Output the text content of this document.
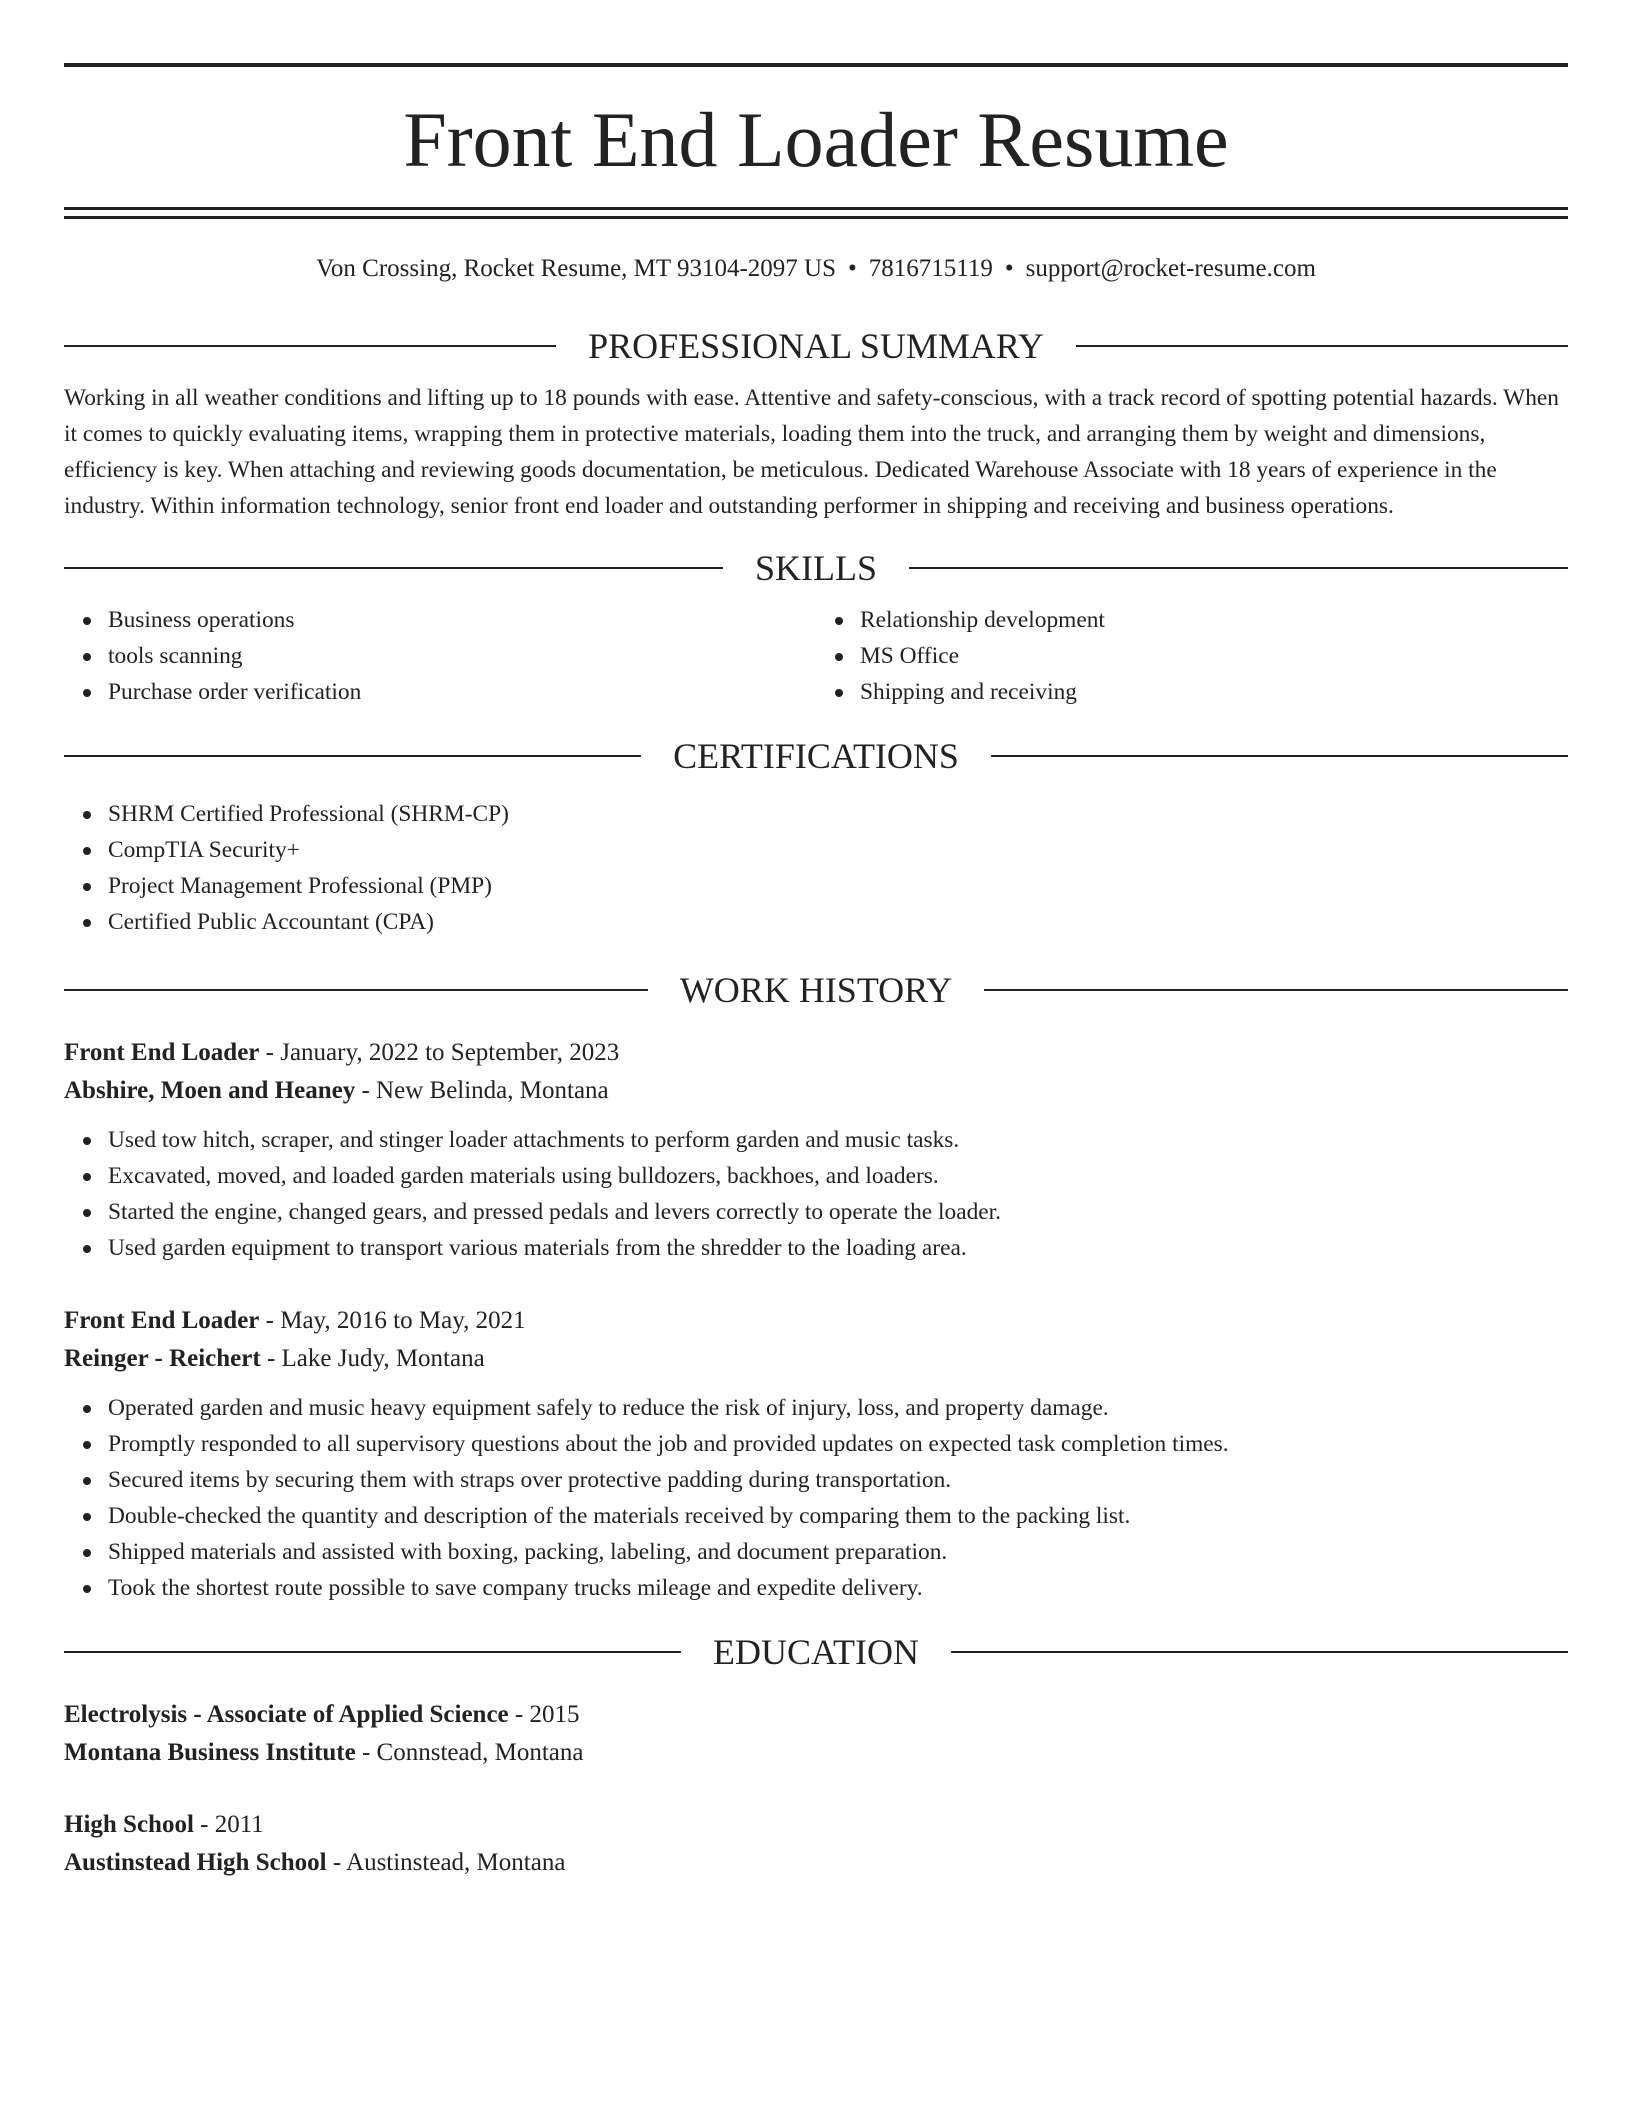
Front End Loader Resume
Von Crossing, Rocket Resume, MT 93104-2097 US • 7816715119 • support@rocket-resume.com
PROFESSIONAL SUMMARY
Working in all weather conditions and lifting up to 18 pounds with ease. Attentive and safety-conscious, with a track record of spotting potential hazards. When it comes to quickly evaluating items, wrapping them in protective materials, loading them into the truck, and arranging them by weight and dimensions, efficiency is key. When attaching and reviewing goods documentation, be meticulous. Dedicated Warehouse Associate with 18 years of experience in the industry. Within information technology, senior front end loader and outstanding performer in shipping and receiving and business operations.
SKILLS
Business operations
tools scanning
Purchase order verification
Relationship development
MS Office
Shipping and receiving
CERTIFICATIONS
SHRM Certified Professional (SHRM-CP)
CompTIA Security+
Project Management Professional (PMP)
Certified Public Accountant (CPA)
WORK HISTORY
Front End Loader - January, 2022 to September, 2023
Abshire, Moen and Heaney - New Belinda, Montana
Used tow hitch, scraper, and stinger loader attachments to perform garden and music tasks.
Excavated, moved, and loaded garden materials using bulldozers, backhoes, and loaders.
Started the engine, changed gears, and pressed pedals and levers correctly to operate the loader.
Used garden equipment to transport various materials from the shredder to the loading area.
Front End Loader - May, 2016 to May, 2021
Reinger - Reichert - Lake Judy, Montana
Operated garden and music heavy equipment safely to reduce the risk of injury, loss, and property damage.
Promptly responded to all supervisory questions about the job and provided updates on expected task completion times.
Secured items by securing them with straps over protective padding during transportation.
Double-checked the quantity and description of the materials received by comparing them to the packing list.
Shipped materials and assisted with boxing, packing, labeling, and document preparation.
Took the shortest route possible to save company trucks mileage and expedite delivery.
EDUCATION
Electrolysis - Associate of Applied Science - 2015
Montana Business Institute - Connstead, Montana
High School - 2011
Austinstead High School - Austinstead, Montana
